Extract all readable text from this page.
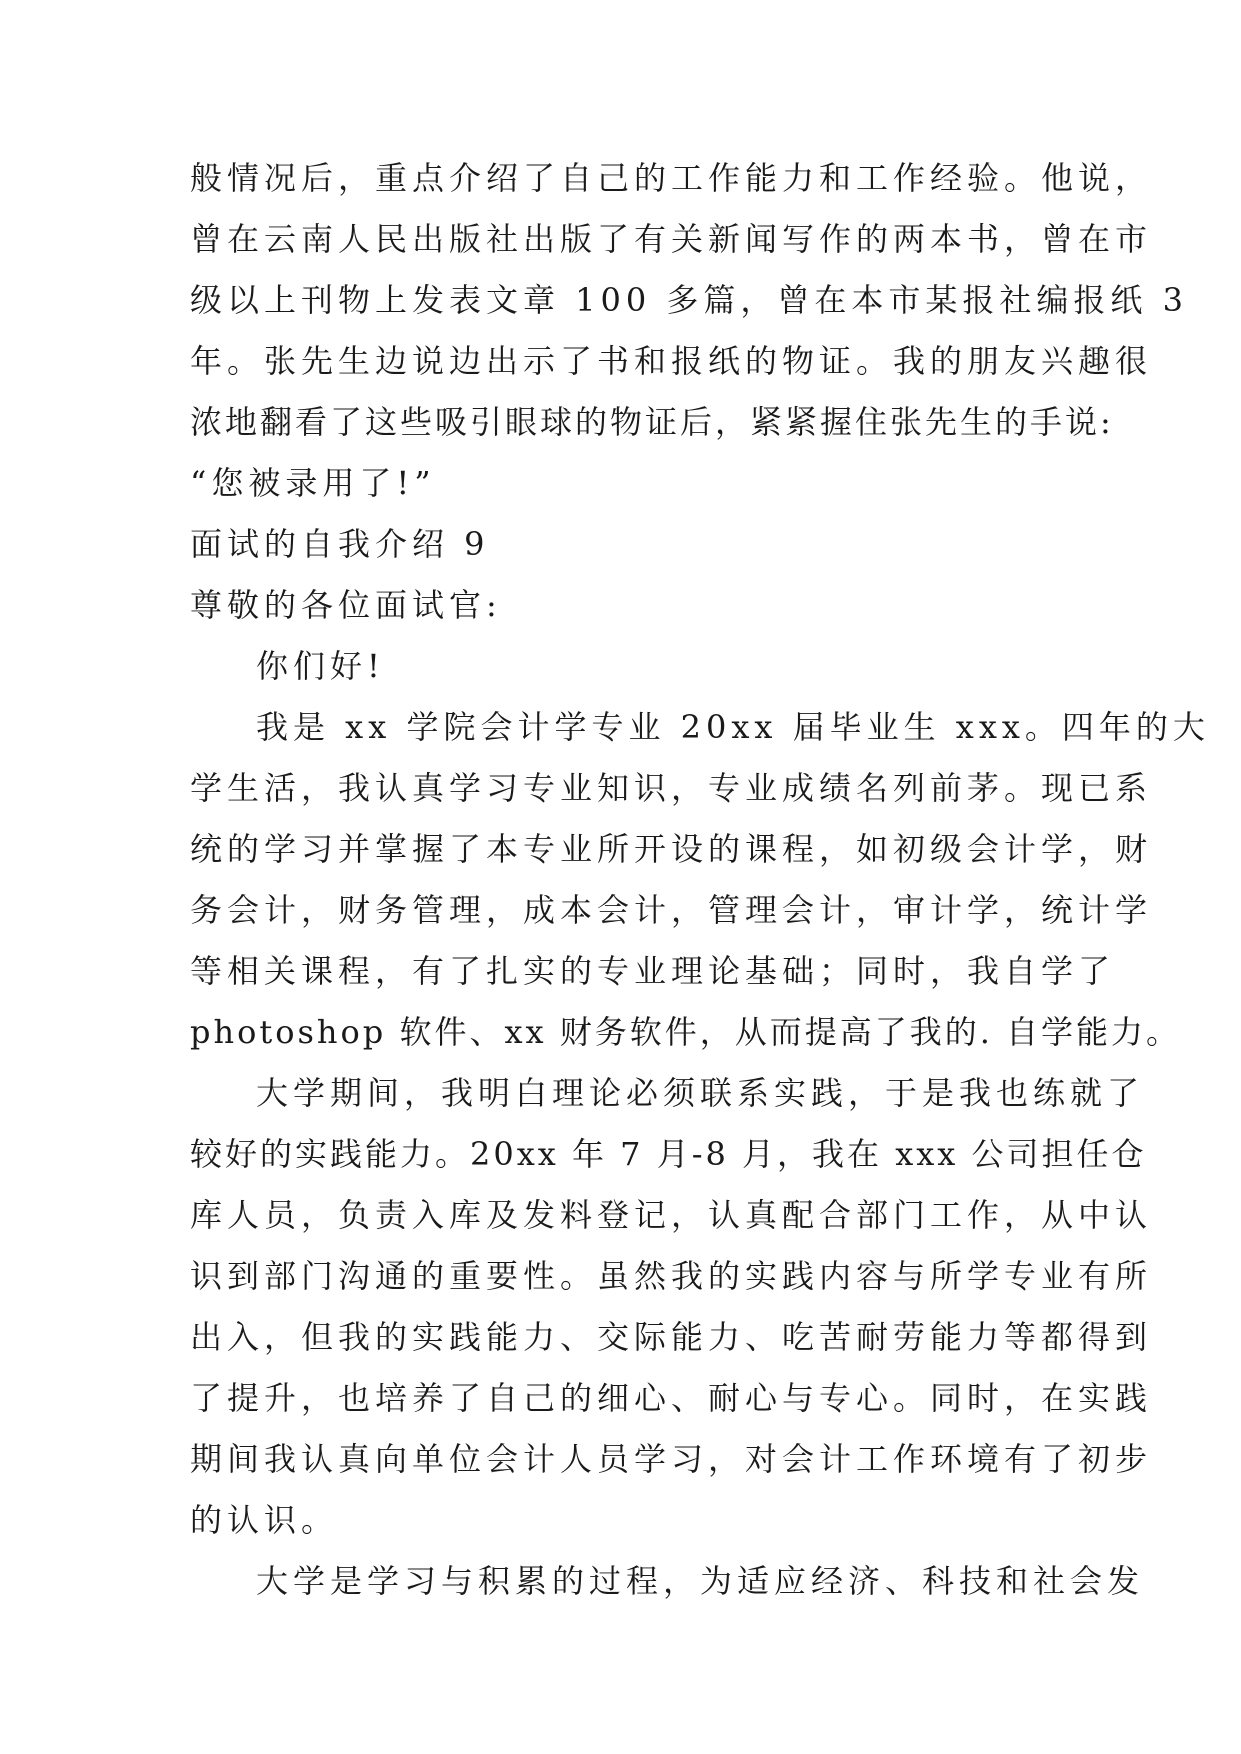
般情况后，重点介绍了自己的工作能力和工作经验。他说，
曾在云南人民出版社出版了有关新闻写作的两本书，曾在市
级以上刊物上发表文章 100 多篇，曾在本市某报社编报纸 3
年。张先生边说边出示了书和报纸的物证。我的朋友兴趣很
浓地翻看了这些吸引眼球的物证后，紧紧握住张先生的手说:
“您被录用了!”
面试的自我介绍 9
尊敬的各位面试官:
你们好!
我是 xx 学院会计学专业 20xx 届毕业生 xxx。四年的大
学生活，我认真学习专业知识，专业成绩名列前茅。现已系
统的学习并掌握了本专业所开设的课程，如初级会计学，财
务会计，财务管理，成本会计，管理会计，审计学，统计学
等相关课程，有了扎实的专业理论基础；同时，我自学了
photoshop 软件、xx 财务软件，从而提高了我的. 自学能力。
大学期间，我明白理论必须联系实践，于是我也练就了
较好的实践能力。20xx 年 7 月-8 月，我在 xxx 公司担任仓
库人员，负责入库及发料登记，认真配合部门工作，从中认
识到部门沟通的重要性。虽然我的实践内容与所学专业有所
出入，但我的实践能力、交际能力、吃苦耐劳能力等都得到
了提升，也培养了自己的细心、耐心与专心。同时，在实践
期间我认真向单位会计人员学习，对会计工作环境有了初步
的认识。
大学是学习与积累的过程，为适应经济、科技和社会发
